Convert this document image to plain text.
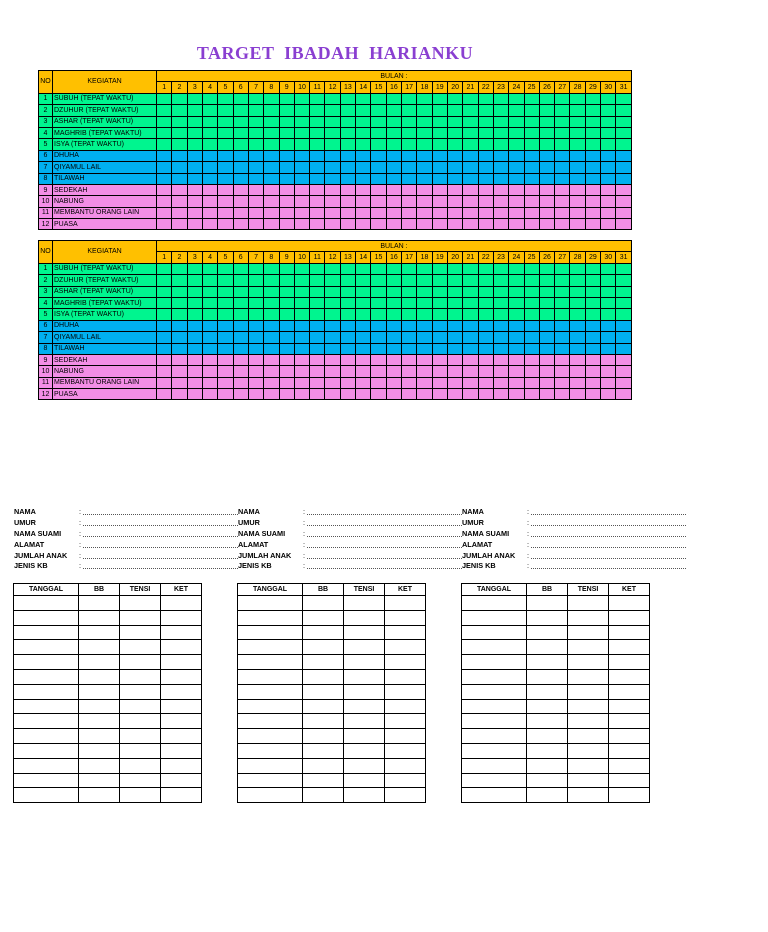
TARGET IBADAH HARIANKU
NO	KEGIATAN	BULAN :																														
		1	2	3	4	5	6	7	8	9	10	11	12	13	14	15	16	17	18	19	20	21	22	23	24	25	26	27	28	29	30	31
1	SUBUH (TEPAT WAKTU)																															
2	DZUHUR (TEPAT WAKTU)																															
3	ASHAR (TEPAT WAKTU)																															
4	MAGHRIB (TEPAT WAKTU)																															
5	ISYA (TEPAT WAKTU)																															
6	DHUHA																															
7	QIYAMUL LAIL																															
8	TILAWAH																															
9	SEDEKAH																															
10	NABUNG																															
11	MEMBANTU ORANG LAIN																															
12	PUASA																															
NO	KEGIATAN	BULAN :																														
		1	2	3	4	5	6	7	8	9	10	11	12	13	14	15	16	17	18	19	20	21	22	23	24	25	26	27	28	29	30	31
1	SUBUH (TEPAT WAKTU)																															
2	DZUHUR (TEPAT WAKTU)																															
3	ASHAR (TEPAT WAKTU)																															
4	MAGHRIB (TEPAT WAKTU)																															
5	ISYA (TEPAT WAKTU)																															
6	DHUHA																															
7	QIYAMUL LAIL																															
8	TILAWAH																															
9	SEDEKAH																															
10	NABUNG																															
11	MEMBANTU ORANG LAIN																															
12	PUASA																															
NAMA	:
UMUR	:
NAMA SUAMI :
ALAMAT	:
JUMLAH ANAK :
JENIS KB	:
NAMA	:
UMUR	:
NAMA SUAMI :
ALAMAT	:
JUMLAH ANAK :
JENIS KB	:
NAMA	:
UMUR	:
NAMA SUAMI :
ALAMAT	:
JUMLAH ANAK :
JENIS KB	:
TANGGAL	BB	TENSI	KET

				TANGGAL	BB	TENSI	KET

				TANGGAL	BB	TENSI	KET
